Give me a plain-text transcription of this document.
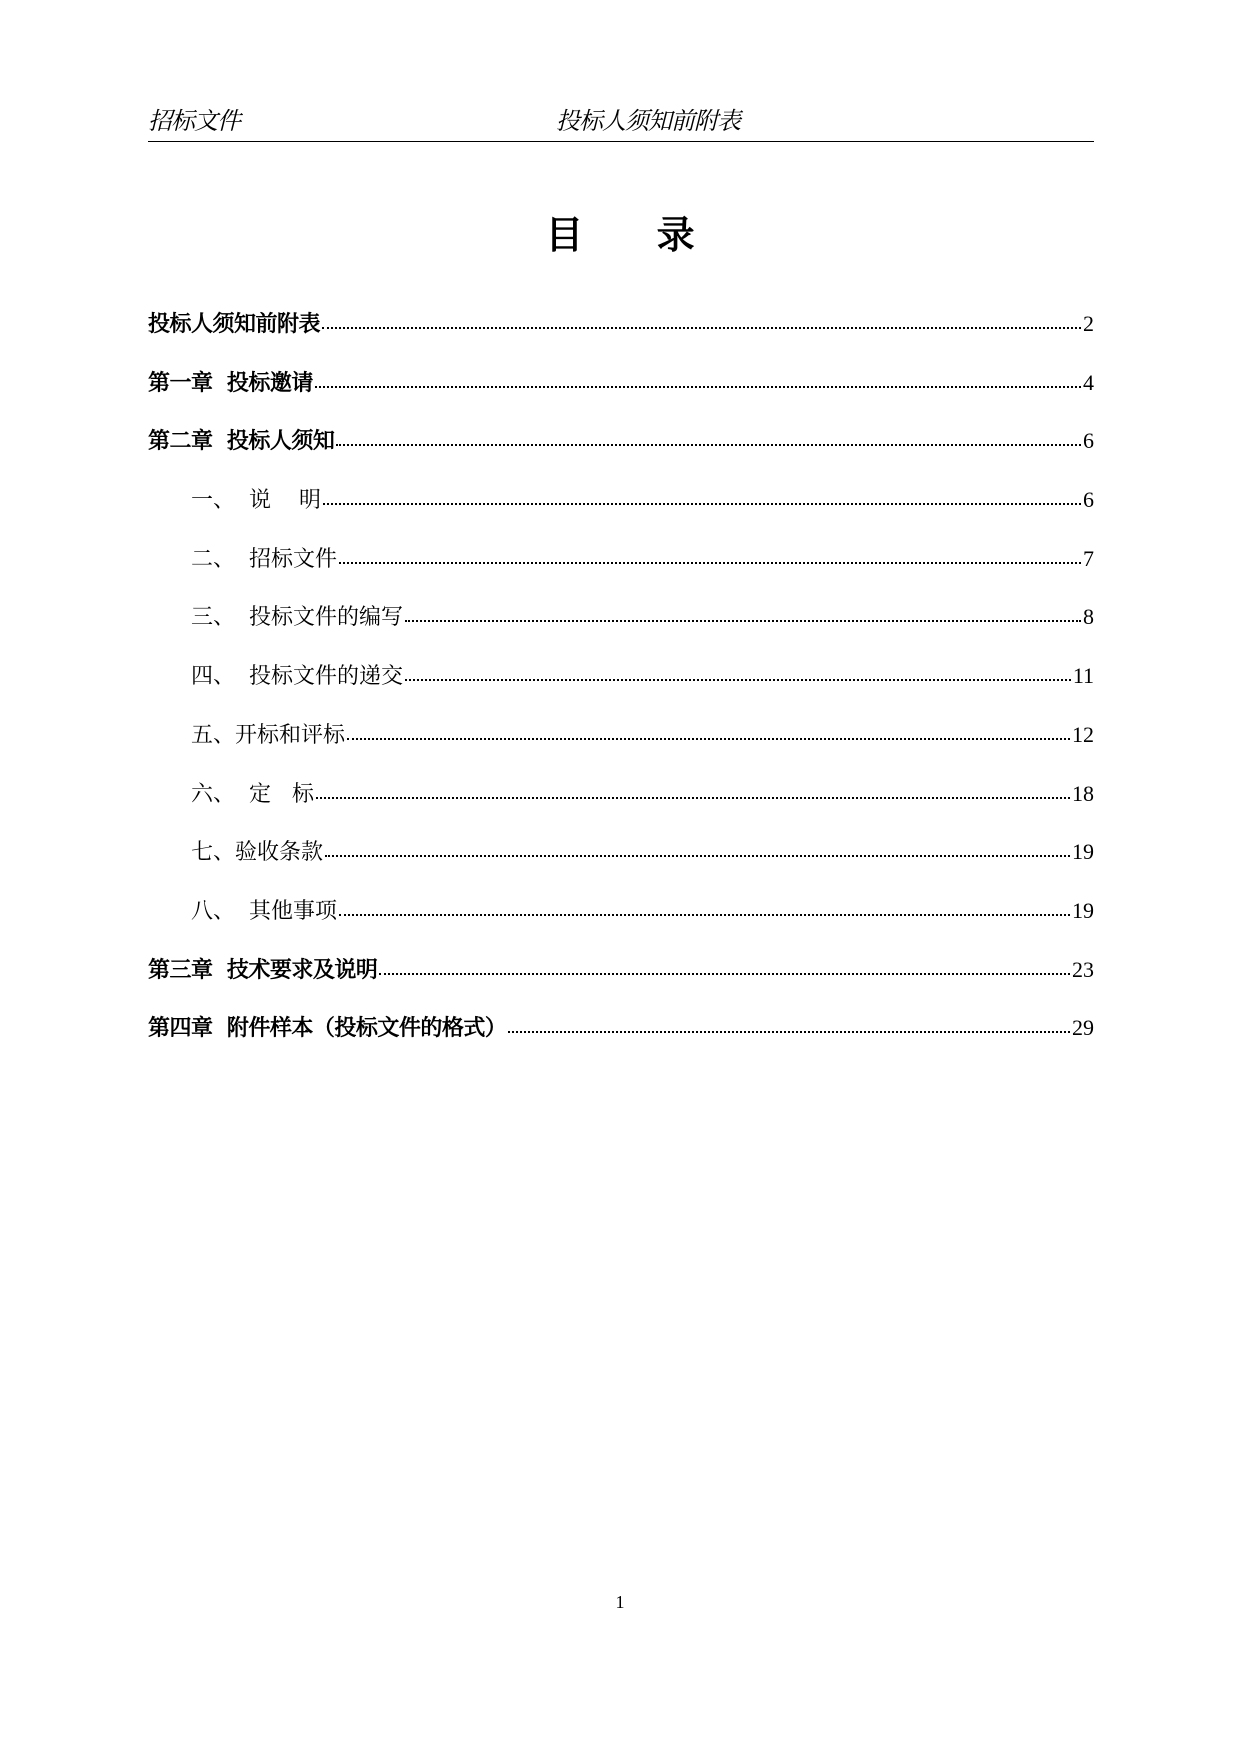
招标文件	投标人须知前附表
目 录
投标人须知前附表	2
第一章  投标邀请	4
第二章  投标人须知	6
一、  说    明	6
二、  招标文件	7
三、  投标文件的编写	8
四、  投标文件的递交	11
五、开标和评标	12
六、  定   标	18
七、验收条款	19
八、  其他事项	19
第三章  技术要求及说明	23
第四章  附件样本（投标文件的格式）	29
1
